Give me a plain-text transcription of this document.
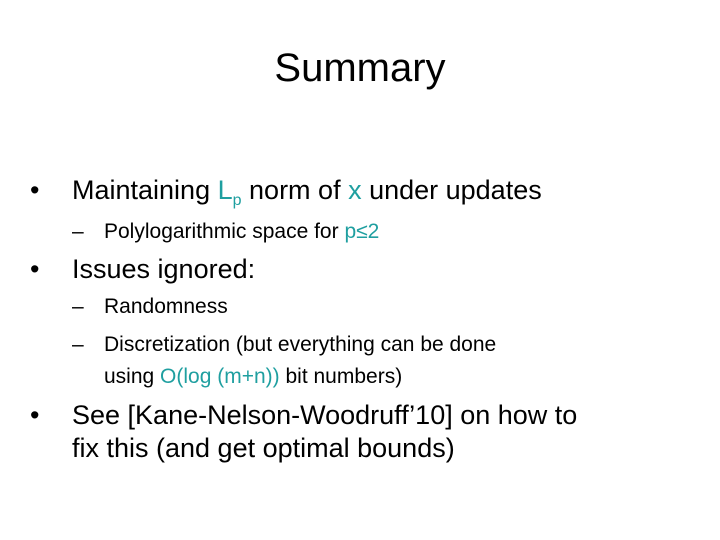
Summary
• Maintaining $L_p$ norm of x under updates
– Polylogarithmic space for p≤2
• Issues ignored:
– Randomness
– Discretization (but everything can be done
using O(log (m+n)) bit numbers)
• See [Kane-Nelson-Woodruff’10] on how to
fix this (and get optimal bounds)
